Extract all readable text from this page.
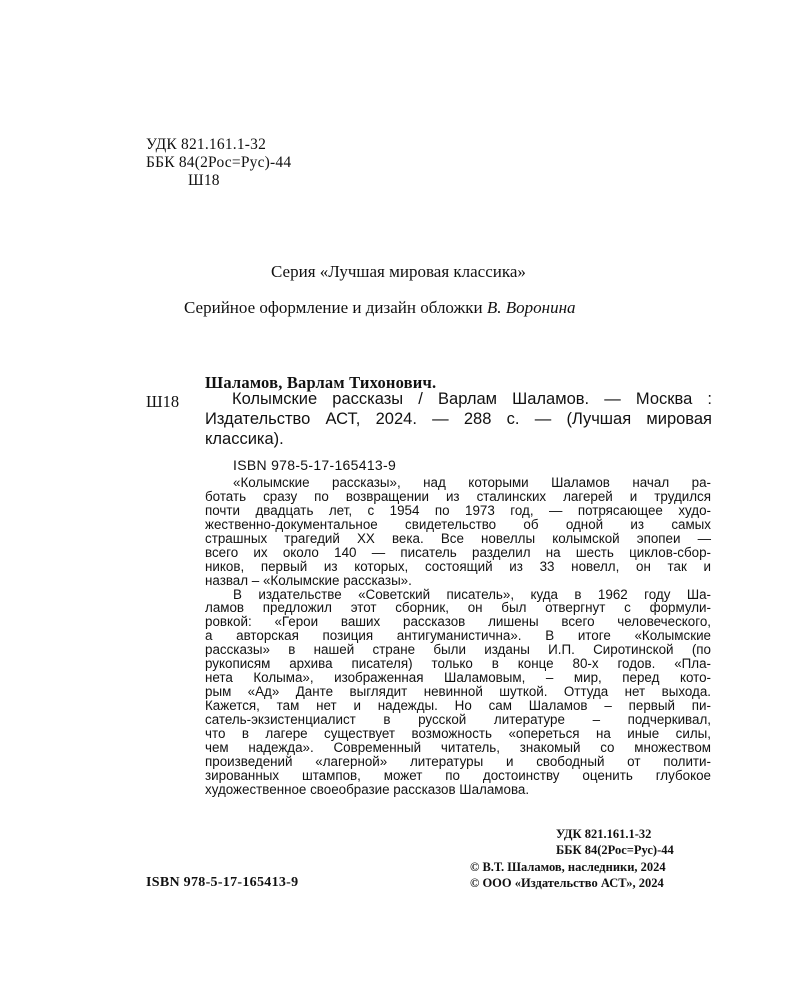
УДК 821.161.1-32
ББК 84(2Рос=Рус)-44
Ш18
Серия «Лучшая мировая классика»
Серийное оформление и дизайн обложки В. Воронина
Шаламов, Варлам Тихонович.
Ш18	Колымские рассказы / Варлам Шаламов. — Москва :
Издательство АСТ, 2024. — 288 с. — (Лучшая мировая
классика).
ISBN 978-5-17-165413-9
«Колымские рассказы», над которыми Шаламов начал ра-
ботать сразу по возвращении из сталинских лагерей и трудился
почти двадцать лет, с 1954 по 1973 год, — потрясающее худо-
жественно-документальное свидетельство об одной из самых
страшных трагедий XX века. Все новеллы колымской эпопеи —
всего их около 140 — писатель разделил на шесть циклов-сбор-
ников, первый из которых, состоящий из 33 новелл, он так и
назвал – «Колымские рассказы».
В издательстве «Советский писатель», куда в 1962 году Ша-
ламов предложил этот сборник, он был отвергнут с формули-
ровкой: «Герои ваших рассказов лишены всего человеческого,
а авторская позиция антигуманистична». В итоге «Колымские
рассказы» в нашей стране были изданы И.П. Сиротинской (по
рукописям архива писателя) только в конце 80-х годов. «Пла-
нета Колыма», изображенная Шаламовым, – мир, перед кото-
рым «Ад» Данте выглядит невинной шуткой. Оттуда нет выхода.
Кажется, там нет и надежды. Но сам Шаламов – первый пи-
сатель-экзистенциалист в русской литературе – подчеркивал,
что в лагере существует возможность «опереться на иные силы,
чем надежда». Современный читатель, знакомый со множеством
произведений «лагерной» литературы и свободный от полити-
зированных штампов, может по достоинству оценить глубокое
художественное своеобразие рассказов Шаламова.
УДК 821.161.1-32
ББК 84(2Рос=Рус)-44
© В.Т. Шаламов, наследники, 2024
© ООО «Издательство АСТ», 2024
ISBN 978-5-17-165413-9
